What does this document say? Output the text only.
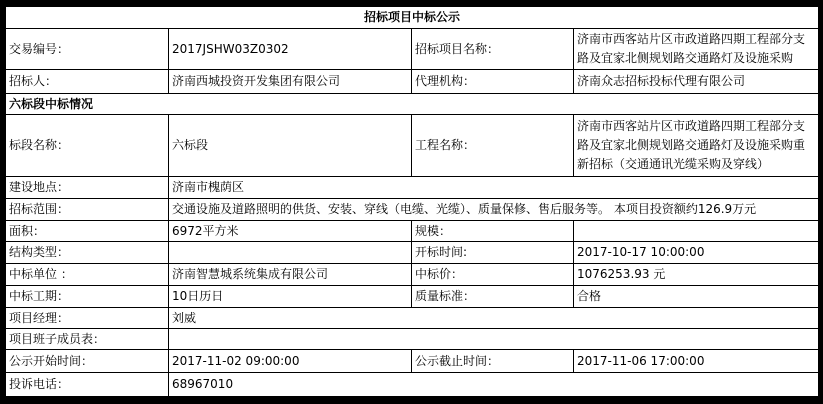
招标项目中标公示			
交易编号：	2017JSHW03Z0302	招标项目名称：	济南市西客站片区市政道路四期工程部分支路及宜家北侧规划路交通路灯及设施采购
招标人：	济南西城投资开发集团有限公司	代理机构：	济南众志招标投标代理有限公司
六标段中标情况			
标段名称：	六标段	工程名称：	济南市西客站片区市政道路四期工程部分支路及宜家北侧规划路交通路灯及设施采购重新招标（交通通讯光缆采购及穿线）
建设地点：	济南市槐荫区		
招标范围：	交通设施及道路照明的供货、安装、穿线（电缆、光缆）、质量保修、售后服务等。 本项目投资额约126.9万元		
面积：	6972平方米	规模：	
结构类型：		开标时间:	2017-10-17 10:00:00
中标单位 ：	济南智慧城系统集成有限公司	中标价：	1076253.93 元
中标工期：	10日历日	质量标准：	合格
项目经理：	刘威		
项目班子成员表：			
公示开始时间：	2017-11-02 09:00:00	公示截止时间：	2017-11-06 17:00:00
投诉电话：	68967010		
